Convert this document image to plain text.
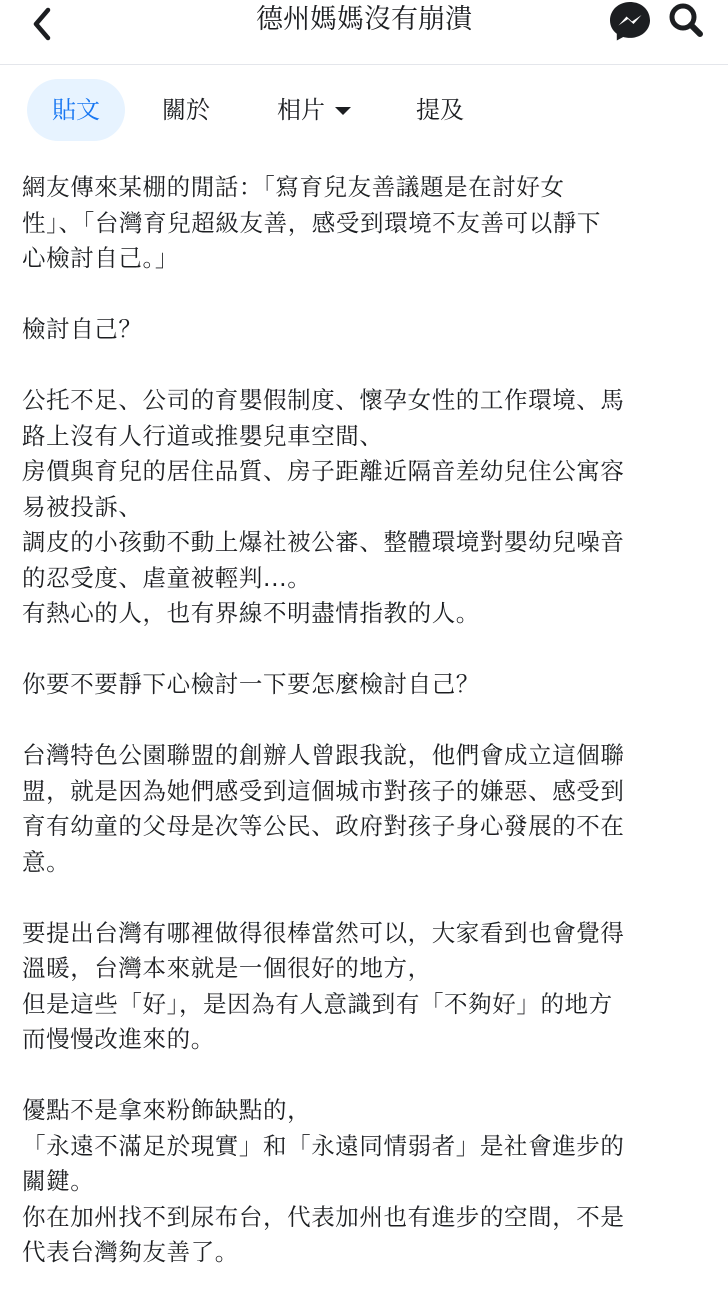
德州媽媽沒有崩潰
貼文	關於	相片	提及
網友傳來某棚的閒話：「寫育兒友善議題是在討好女
性」、「台灣育兒超級友善，感受到環境不友善可以靜下
心檢討自己。」
檢討自己？
公托不足、公司的育嬰假制度、懷孕女性的工作環境、馬
路上沒有人行道或推嬰兒車空間、
房價與育兒的居住品質、房子距離近隔音差幼兒住公寓容
易被投訴、
調皮的小孩動不動上爆社被公審、整體環境對嬰幼兒噪音
的忍受度、虐童被輕判...。
有熱心的人，也有界線不明盡情指教的人。
你要不要靜下心檢討一下要怎麼檢討自己？
台灣特色公園聯盟的創辦人曾跟我說，他們會成立這個聯
盟，就是因為她們感受到這個城市對孩子的嫌惡、感受到
育有幼童的父母是次等公民、政府對孩子身心發展的不在
意。
要提出台灣有哪裡做得很棒當然可以，大家看到也會覺得
溫暖，台灣本來就是一個很好的地方，
但是這些「好」，是因為有人意識到有「不夠好」的地方
而慢慢改進來的。
優點不是拿來粉飾缺點的，
「永遠不滿足於現實」和「永遠同情弱者」是社會進步的
關鍵。
你在加州找不到尿布台，代表加州也有進步的空間，不是
代表台灣夠友善了。
